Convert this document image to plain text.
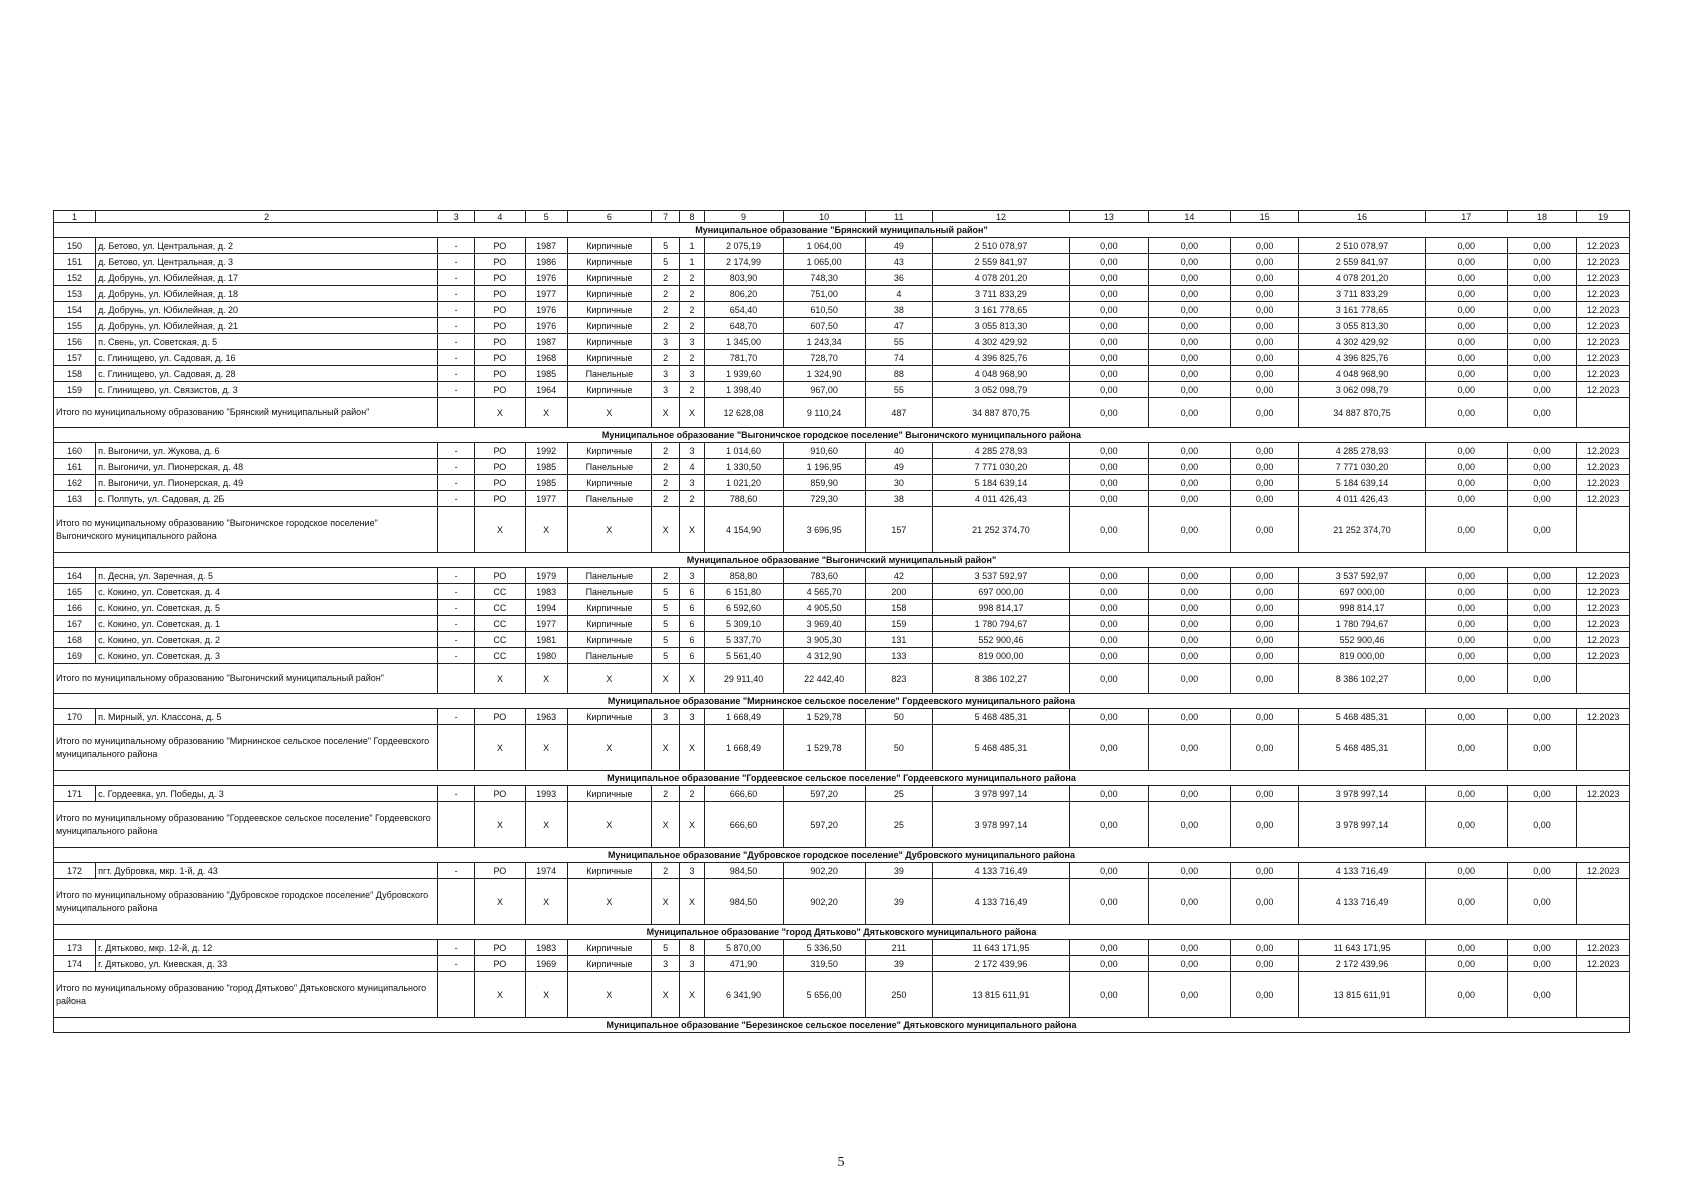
1	2	3	4	5	6	7	8	9	10	11	12	13	14	15	16	17	18	19
Муниципальное образование "Брянский муниципальный район"																		
150	д. Бетово, ул. Центральная, д. 2	-	РО	1987	Кирпичные	5	1	2 075,19	1 064,00	49	2 510 078,97	0,00	0,00	0,00	2 510 078,97	0,00	0,00	12.2023
151	д. Бетово, ул. Центральная, д. 3	-	РО	1986	Кирпичные	5	1	2 174,99	1 065,00	43	2 559 841,97	0,00	0,00	0,00	2 559 841,97	0,00	0,00	12.2023
152	д. Добрунь, ул. Юбилейная, д. 17	-	РО	1976	Кирпичные	2	2	803,90	748,30	36	4 078 201,20	0,00	0,00	0,00	4 078 201,20	0,00	0,00	12.2023
153	д. Добрунь, ул. Юбилейная, д. 18	-	РО	1977	Кирпичные	2	2	806,20	751,00	4	3 711 833,29	0,00	0,00	0,00	3 711 833,29	0,00	0,00	12.2023
154	д. Добрунь, ул. Юбилейная, д. 20	-	РО	1976	Кирпичные	2	2	654,40	610,50	38	3 161 778,65	0,00	0,00	0,00	3 161 778,65	0,00	0,00	12.2023
155	д. Добрунь, ул. Юбилейная, д. 21	-	РО	1976	Кирпичные	2	2	648,70	607,50	47	3 055 813,30	0,00	0,00	0,00	3 055 813,30	0,00	0,00	12.2023
156	п. Свень, ул. Советская, д. 5	-	РО	1987	Кирпичные	3	3	1 345,00	1 243,34	55	4 302 429,92	0,00	0,00	0,00	4 302 429,92	0,00	0,00	12.2023
157	с. Глинищево, ул. Садовая, д. 16	-	РО	1968	Кирпичные	2	2	781,70	728,70	74	4 396 825,76	0,00	0,00	0,00	4 396 825,76	0,00	0,00	12.2023
158	с. Глинищево, ул. Садовая, д. 28	-	РО	1985	Панельные	3	3	1 939,60	1 324,90	88	4 048 968,90	0,00	0,00	0,00	4 048 968,90	0,00	0,00	12.2023
159	с. Глинищево, ул. Связистов, д. 3	-	РО	1964	Кирпичные	3	2	1 398,40	967,00	55	3 052 098,79	0,00	0,00	0,00	3 062 098,79	0,00	0,00	12.2023
Итого по муниципальному образованию "Брянский муниципальный район"			X	X	X	X	X	12 628,08	9 110,24	487	34 887 870,75	0,00	0,00	0,00	34 887 870,75	0,00	0,00	
Муниципальное образование "Выгоничское городское поселение" Выгоничского муниципального района																		
160	п. Выгоничи, ул. Жукова, д. 6	-	РО	1992	Кирпичные	2	3	1 014,60	910,60	40	4 285 278,93	0,00	0,00	0,00	4 285 278,93	0,00	0,00	12.2023
161	п. Выгоничи, ул. Пионерская, д. 48	-	РО	1985	Панельные	2	4	1 330,50	1 196,95	49	7 771 030,20	0,00	0,00	0,00	7 771 030,20	0,00	0,00	12.2023
162	п. Выгоничи, ул. Пионерская, д. 49	-	РО	1985	Кирпичные	2	3	1 021,20	859,90	30	5 184 639,14	0,00	0,00	0,00	5 184 639,14	0,00	0,00	12.2023
163	с. Полпуть, ул. Садовая, д. 2Б	-	РО	1977	Панельные	2	2	788,60	729,30	38	4 011 426,43	0,00	0,00	0,00	4 011 426,43	0,00	0,00	12.2023
Итого по муниципальному образованию "Выгоничское городское поселение" Выгоничского муниципального района			X	X	X	X	X	4 154,90	3 696,95	157	21 252 374,70	0,00	0,00	0,00	21 252 374,70	0,00	0,00	
Муниципальное образование "Выгоничский муниципальный район"																		
164	п. Десна, ул. Заречная, д. 5	-	РО	1979	Панельные	2	3	858,80	783,60	42	3 537 592,97	0,00	0,00	0,00	3 537 592,97	0,00	0,00	12.2023
165	с. Кокино, ул. Советская, д. 4	-	СС	1983	Панельные	5	6	6 151,80	4 565,70	200	697 000,00	0,00	0,00	0,00	697 000,00	0,00	0,00	12.2023
166	с. Кокино, ул. Советская, д. 5	-	СС	1994	Кирпичные	5	6	6 592,60	4 905,50	158	998 814,17	0,00	0,00	0,00	998 814,17	0,00	0,00	12.2023
167	с. Кокино, ул. Советская, д. 1	-	СС	1977	Кирпичные	5	6	5 309,10	3 969,40	159	1 780 794,67	0,00	0,00	0,00	1 780 794,67	0,00	0,00	12.2023
168	с. Кокино, ул. Советская, д. 2	-	СС	1981	Кирпичные	5	6	5 337,70	3 905,30	131	552 900,46	0,00	0,00	0,00	552 900,46	0,00	0,00	12.2023
169	с. Кокино, ул. Советская, д. 3	-	СС	1980	Панельные	5	6	5 561,40	4 312,90	133	819 000,00	0,00	0,00	0,00	819 000,00	0,00	0,00	12.2023
Итого по муниципальному образованию "Выгоничский муниципальный район"			X	X	X	X	X	29 911,40	22 442,40	823	8 386 102,27	0,00	0,00	0,00	8 386 102,27	0,00	0,00	
Муниципальное образование "Мирнинское сельское поселение" Гордеевского муниципального района																		
170	п. Мирный, ул. Классона, д. 5	-	РО	1963	Кирпичные	3	3	1 668,49	1 529,78	50	5 468 485,31	0,00	0,00	0,00	5 468 485,31	0,00	0,00	12.2023
Итого по муниципальному образованию "Мирнинское сельское поселение" Гордеевского муниципального района			X	X	X	X	X	1 668,49	1 529,78	50	5 468 485,31	0,00	0,00	0,00	5 468 485,31	0,00	0,00	
Муниципальное образование "Гордеевское сельское поселение" Гордеевского муниципального района																		
171	с. Гордеевка, ул. Победы, д. 3	-	РО	1993	Кирпичные	2	2	666,60	597,20	25	3 978 997,14	0,00	0,00	0,00	3 978 997,14	0,00	0,00	12.2023
Итого по муниципальному образованию "Гордеевское сельское поселение" Гордеевского муниципального района			X	X	X	X	X	666,60	597,20	25	3 978 997,14	0,00	0,00	0,00	3 978 997,14	0,00	0,00	
Муниципальное образование "Дубровское городское поселение" Дубровского муниципального района																		
172	пгт. Дубровка, мкр. 1-й, д. 43	-	РО	1974	Кирпичные	2	3	984,50	902,20	39	4 133 716,49	0,00	0,00	0,00	4 133 716,49	0,00	0,00	12.2023
Итого по муниципальному образованию "Дубровское городское поселение" Дубровского муниципального района			X	X	X	X	X	984,50	902,20	39	4 133 716,49	0,00	0,00	0,00	4 133 716,49	0,00	0,00	
Муниципальное образование "город Дятьково" Дятьковского муниципального района																		
173	г. Дятьково, мкр. 12-й, д. 12	-	РО	1983	Кирпичные	5	8	5 870,00	5 336,50	211	11 643 171,95	0,00	0,00	0,00	11 643 171,95	0,00	0,00	12.2023
174	г. Дятьково, ул. Киевская, д. 33	-	РО	1969	Кирпичные	3	3	471,90	319,50	39	2 172 439,96	0,00	0,00	0,00	2 172 439,96	0,00	0,00	12.2023
Итого по муниципальному образованию "город Дятьково" Дятьковского муниципального района			X	X	X	X	X	6 341,90	5 656,00	250	13 815 611,91	0,00	0,00	0,00	13 815 611,91	0,00	0,00	
Муниципальное образование "Березинское сельское поселение" Дятьковского муниципального района																		
5
